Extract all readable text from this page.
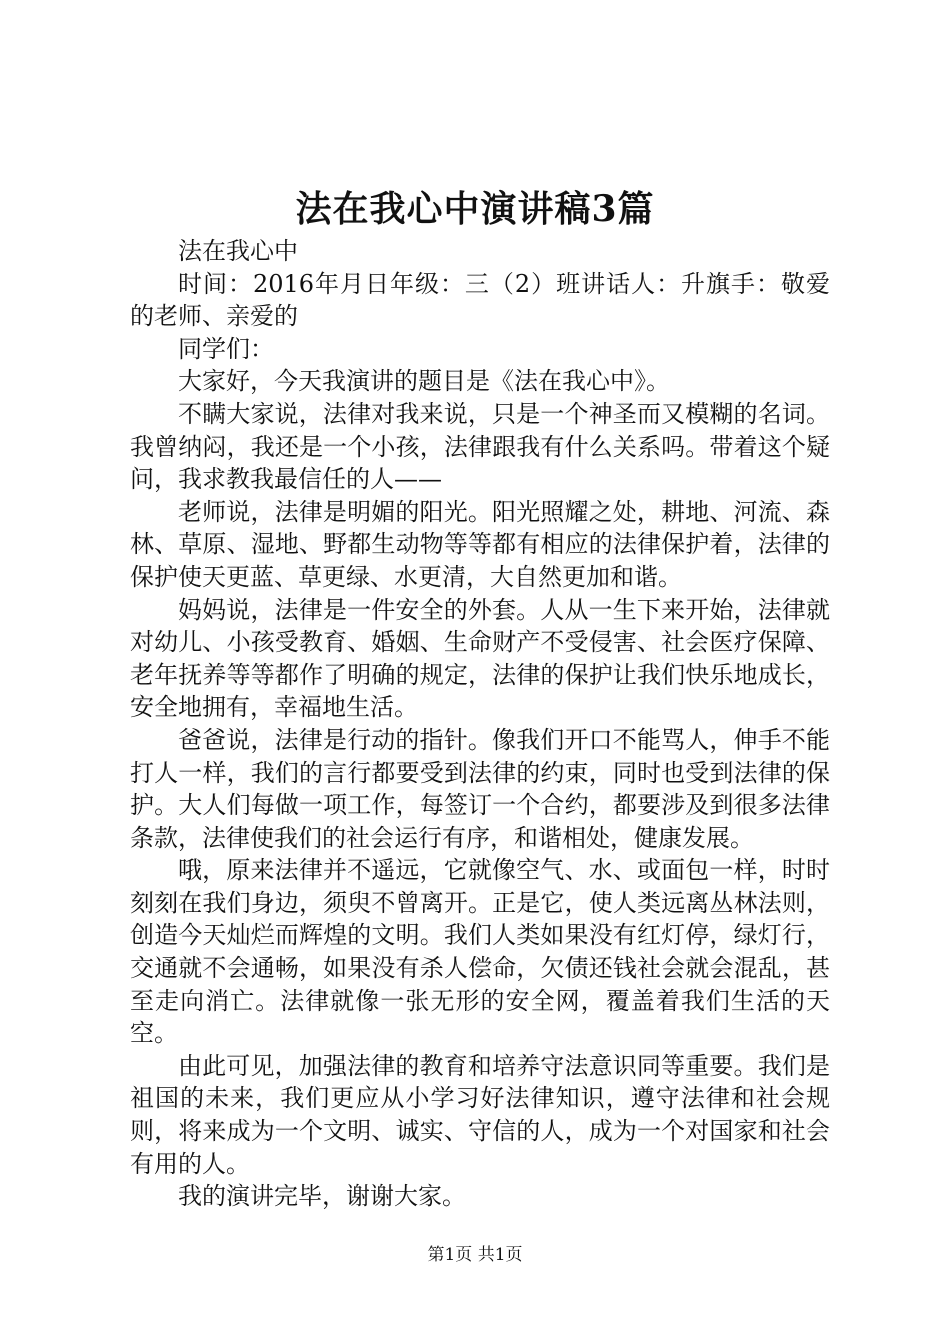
法在我心中演讲稿3篇

法在我心中

时间：2016年月日年级：三（2）班讲话人：升旗手：敬爱的老师、亲爱的

同学们：

大家好，今天我演讲的题目是《法在我心中》。

不瞒大家说，法律对我来说，只是一个神圣而又模糊的名词。我曾纳闷，我还是一个小孩，法律跟我有什么关系吗。带着这个疑问，我求教我最信任的人——

老师说，法律是明媚的阳光。阳光照耀之处，耕地、河流、森林、草原、湿地、野都生动物等等都有相应的法律保护着，法律的保护使天更蓝、草更绿、水更清，大自然更加和谐。

妈妈说，法律是一件安全的外套。人从一生下来开始，法律就对幼儿、小孩受教育、婚姻、生命财产不受侵害、社会医疗保障、老年抚养等等都作了明确的规定，法律的保护让我们快乐地成长，安全地拥有，幸福地生活。

爸爸说，法律是行动的指针。像我们开口不能骂人，伸手不能打人一样，我们的言行都要受到法律的约束，同时也受到法律的保护。大人们每做一项工作，每签订一个合约，都要涉及到很多法律条款，法律使我们的社会运行有序，和谐相处，健康发展。

哦，原来法律并不遥远，它就像空气、水、或面包一样，时时刻刻在我们身边，须臾不曾离开。正是它，使人类远离丛林法则，创造今天灿烂而辉煌的文明。我们人类如果没有红灯停，绿灯行，交通就不会通畅，如果没有杀人偿命，欠债还钱社会就会混乱，甚至走向消亡。法律就像一张无形的安全网，覆盖着我们生活的天空。

由此可见，加强法律的教育和培养守法意识同等重要。我们是祖国的未来，我们更应从小学习好法律知识，遵守法律和社会规则，将来成为一个文明、诚实、守信的人，成为一个对国家和社会有用的人。

我的演讲完毕，谢谢大家。

第1页 共1页
